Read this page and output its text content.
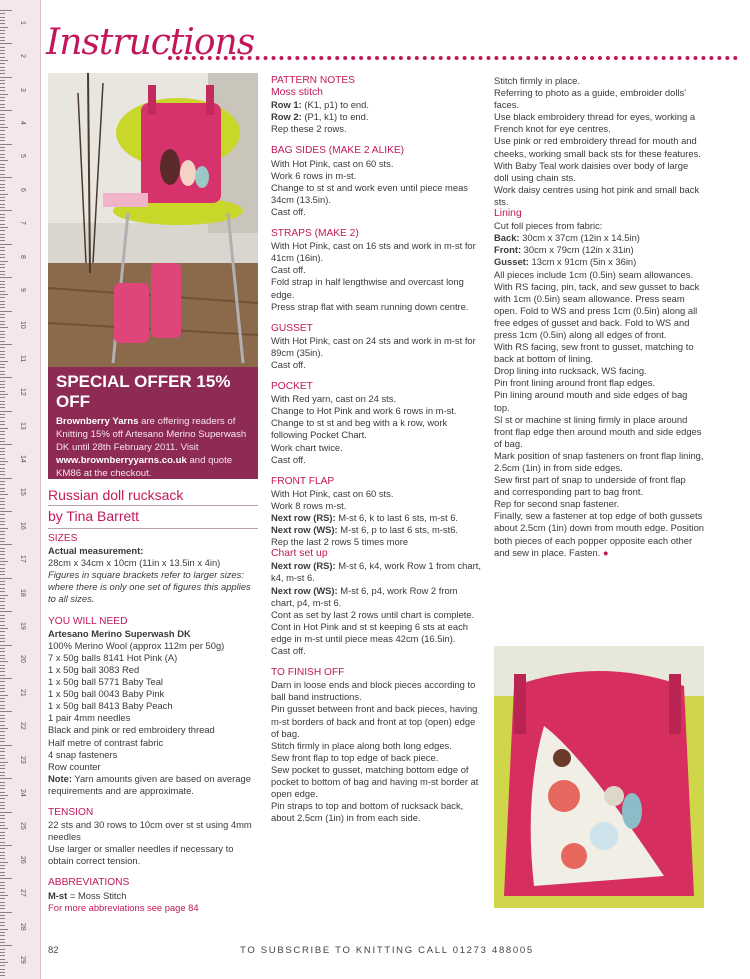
1
2
3
4
5
6
7
8
9
10
11
12
13
14
15
16
17
18
19
20
21
22
23
24
25
26
27
28
29
Instructions
SPECIAL OFFER 15% OFF

Brownberry Yarns are offering readers of Knitting 15% off Artesano Merino Superwash DK until 28th February 2011. Visit www.brownberryyarns.co.uk and quote KM86 at the checkout.

Russian doll rucksack
by Tina Barrett

SIZES

Actual measurement:

28cm x 34cm x 10cm (11in x 13.5in x 4in)

Figures in square brackets refer to larger sizes: where there is only one set of figures this applies to all sizes.

YOU WILL NEED

Artesano Merino Superwash DK

100% Merino Wool (approx 112m per 50g)

7 x 50g balls 8141 Hot Pink (A)

1 x 50g ball 3083 Red

1 x 50g ball 5771 Baby Teal

1 x 50g ball 0043 Baby Pink

1 x 50g ball 8413 Baby Peach

1 pair 4mm needles

Black and pink or red embroidery thread

Half metre of contrast fabric

4 snap fasteners

Row counter

Note: Yarn amounts given are based on average requirements and are approximate.

TENSION

22 sts and 30 rows to 10cm over st st using 4mm needles

Use larger or smaller needles if necessary to obtain correct tension.

ABBREVIATIONS

M-st = Moss Stitch

For more abbreviations see page 84

PATTERN NOTES

Moss stitch

Row 1: (K1, p1) to end.

Row 2: (P1, k1) to end.

Rep these 2 rows.

BAG SIDES (MAKE 2 ALIKE)

With Hot Pink, cast on 60 sts.

Work 6 rows in m-st.

Change to st st and work even until piece meas 34cm (13.5in).

Cast off.

STRAPS (MAKE 2)

With Hot Pink, cast on 16 sts and work in m-st for 41cm (16in).

Cast off.

Fold strap in half lengthwise and overcast long edge.

Press strap flat with seam running down centre.

GUSSET

With Hot Pink, cast on 24 sts and work in m-st for 89cm (35in).

Cast off.

POCKET

With Red yarn, cast on 24 sts.

Change to Hot Pink and work 6 rows in m-st.

Change to st st and beg with a k row, work following Pocket Chart.

Work chart twice.

Cast off.

FRONT FLAP

With Hot Pink, cast on 60 sts.

Work 8 rows m-st.

Next row (RS): M-st 6, k to last 6 sts, m-st 6.

Next row (WS): M-st 6, p to last 6 sts, m-st6.

Rep the last 2 rows 5 times more

Chart set up

Next row (RS): M-st 6, k4, work Row 1 from chart, k4, m-st 6.

Next row (WS): M-st 6, p4, work Row 2 from chart, p4, m-st 6.

Cont as set by last 2 rows until chart is complete.

Cont in Hot Pink and st st keeping 6 sts at each edge in m-st until piece meas 42cm (16.5in).

Cast off.

TO FINISH OFF

Darn in loose ends and block pieces according to ball band instructions.

Pin gusset between front and back pieces, having m-st borders of back and front at top (open) edge of bag.

Stitch firmly in place along both long edges.

Sew front flap to top edge of back piece.

Sew pocket to gusset, matching bottom edge of pocket to bottom of bag and having m-st border at open edge.

Pin straps to top and bottom of rucksack back, about 2.5cm (1in) in from each side.

Stitch firmly in place.

Referring to photo as a guide, embroider dolls' faces.

Use black embroidery thread for eyes, working a French knot for eye centres.

Use pink or red embroidery thread for mouth and cheeks, working small back sts for these features.

With Baby Teal work daisies over body of large doll using chain sts.

Work daisy centres using hot pink and small back sts.

Lining

Cut foll pieces from fabric:

Back: 30cm x 37cm (12in x 14.5in)

Front: 30cm x 79cm (12in x 31in)

Gusset: 13cm x 91cm (5in x 36in)

All pieces include 1cm (0.5in) seam allowances.

With RS facing, pin, tack, and sew gusset to back with 1cm (0.5in) seam allowance. Press seam open. Fold to WS and press 1cm (0.5in) along all free edges of gusset and back. Fold to WS and press 1cm (0.5in) along all edges of front.

With RS facing, sew front to gusset, matching to back at bottom of lining.

Drop lining into rucksack, WS facing.

Pin front lining around front flap edges.

Pin lining around mouth and side edges of bag top.

Sl st or machine st lining firmly in place around front flap edge then around mouth and side edges of bag.

Mark position of snap fasteners on front flap lining, 2.5cm (1in) in from side edges.

Sew first part of snap to underside of front flap and corresponding part to bag front.

Rep for second snap fastener.

Finally, sew a fastener at top edge of both gussets about 2.5cm (1in) down from mouth edge. Position both pieces of each popper opposite each other and sew in place. Fasten. ●

82	TO SUBSCRIBE TO KNITTING CALL 01273 488005
